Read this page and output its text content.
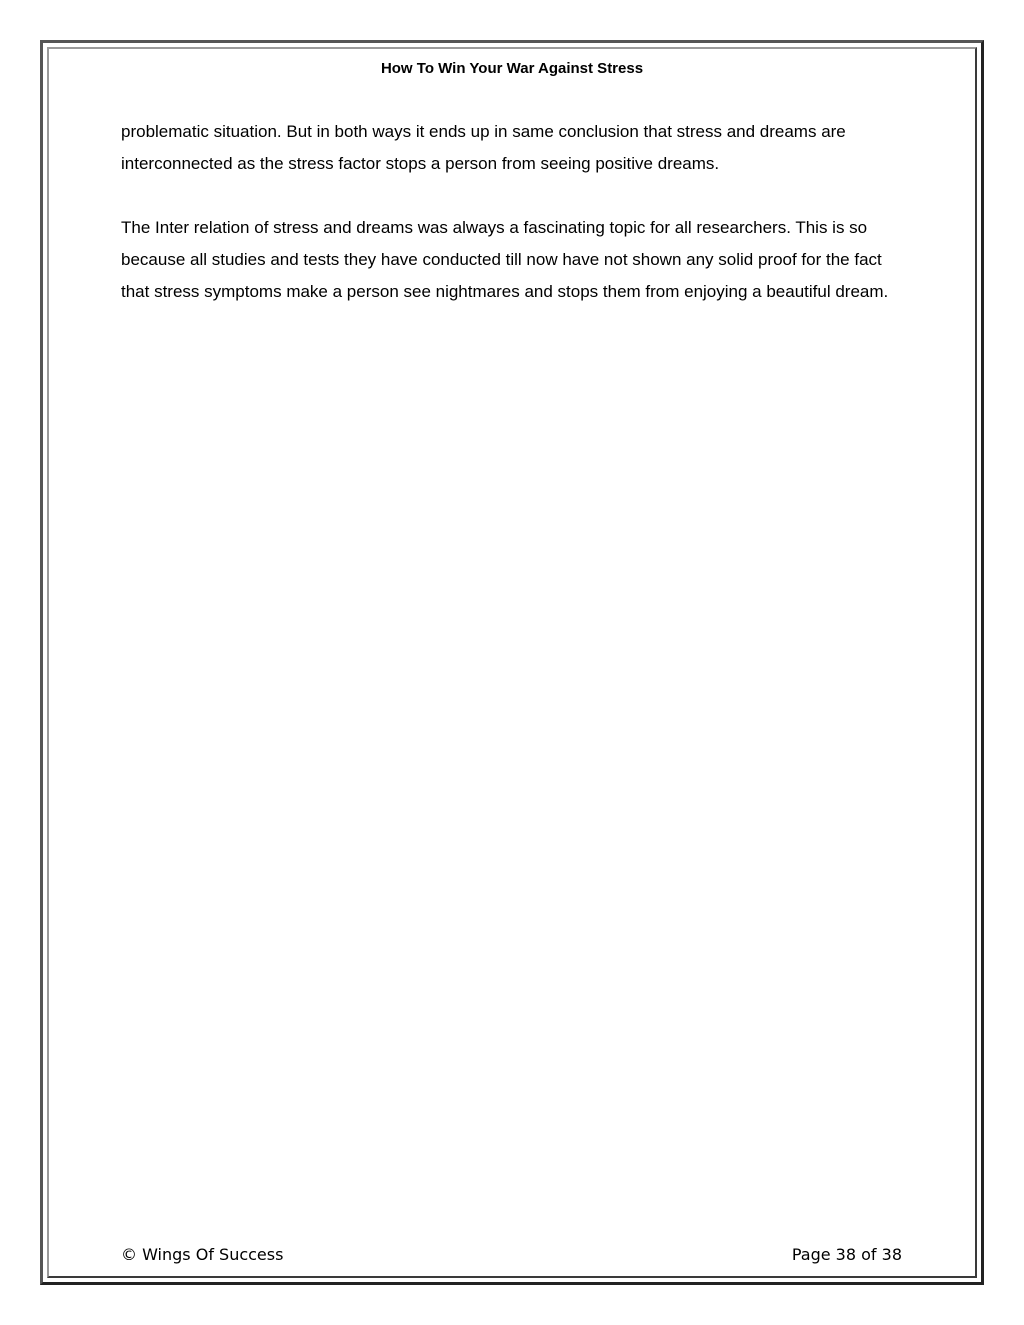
How To Win Your War Against Stress

problematic situation. But in both ways it ends up in same conclusion that stress and dreams are interconnected as the stress factor stops a person from seeing positive dreams.

The Inter relation of stress and dreams was always a fascinating topic for all researchers. This is so because all studies and tests they have conducted till now have not shown any solid proof for the fact that stress symptoms make a person see nightmares and stops them from enjoying a beautiful dream.

© Wings Of Success	Page 38 of 38
